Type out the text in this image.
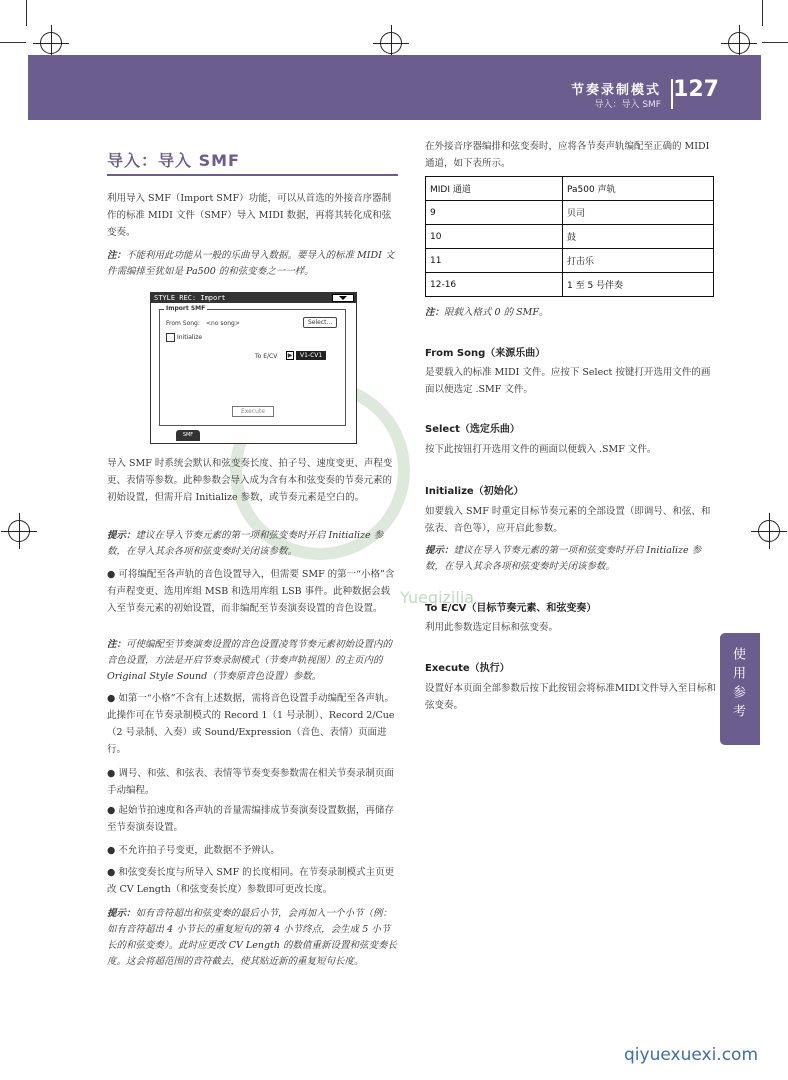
节奏录制模式
导入：导入 SMF
127
Yueqizilia
导入：导入 SMF
利用导入 SMF（Import SMF）功能，可以从首选的外接音序器制作的标准 MIDI 文件（SMF）导入 MIDI 数据，再将其转化成和弦变奏。
注：不能利用此功能从一般的乐曲导入数据。要导入的标准 MIDI 文件需编排至犹如是 Pa500 的和弦变奏之一一样。
STYLE REC: Import
Import SMF
From Song: <no song>	Select...
Initialize
To E/CV ▶	V1-CV1
Execute
SMF
导入 SMF 时系统会默认和弦变奏长度、拍子号、速度变更、声程变更、表情等参数。此种参数会导入成为含有本和弦变奏的节奏元素的初始设置，但需开启 Initialize 参数，或节奏元素是空白的。
提示：建议在导入节奏元素的第一项和弦变奏时开启 Initialize 参数，在导入其余各项和弦变奏时关闭该参数。
● 可将编配至各声轨的音色设置导入，但需要 SMF 的第一“小格”含有声程变更、选用库组 MSB 和选用库组 LSB 事件。此种数据会载入至节奏元素的初始设置，而非编配至节奏演奏设置的音色设置。
注：可使编配至节奏演奏设置的音色设置凌驾节奏元素初始设置内的音色设置，方法是开启节奏录制模式（节奏声轨视图）的主页内的 Original Style Sound（节奏原音色设置）参数。
● 如第一“小格”不含有上述数据，需将音色设置手动编配至各声轨。此操作可在节奏录制模式的 Record 1（1 号录制）、Record 2/Cue（2 号录制、入奏）或 Sound/Expression（音色、表情）页面进行。
● 调号、和弦、和弦表、表情等节奏变奏参数需在相关节奏录制页面手动编程。
● 起始节拍速度和各声轨的音量需编排成节奏演奏设置数据，再储存至节奏演奏设置。
● 不允许拍子号变更，此数据不予辨认。
● 和弦变奏长度与所导入 SMF 的长度相同。在节奏录制模式主页更改 CV Length（和弦变奏长度）参数即可更改长度。
提示：如有音符超出和弦变奏的最后小节，会再加入一个小节（例：如有音符超出 4 小节长的重复短句的第 4 小节终点，会生成 5 小节长的和弦变奏）。此时应更改 CV Length 的数值重新设置和弦变奏长度。这会将超范围的音符截去，使其贴近新的重复短句长度。
在外接音序器编排和弦变奏时，应将各节奏声轨编配至正确的 MIDI 通道，如下表所示。
MIDI 通道	Pa500 声轨
9	贝司
10	鼓
11	打击乐
12-16	1 至 5 号伴奏
注：限载入格式 0 的 SMF。
From Song（来源乐曲）
是要载入的标准 MIDI 文件。应按下 Select 按键打开选用文件的画面以便选定 .SMF 文件。
Select（选定乐曲）
按下此按钮打开选用文件的画面以便载入 .SMF 文件。
Initialize（初始化）
如要载入 SMF 时重定目标节奏元素的全部设置（即调号、和弦、和弦表、音色等），应开启此参数。
提示：建议在导入节奏元素的第一项和弦变奏时开启 Initialize 参数，在导入其余各项和弦变奏时关闭该参数。
To E/CV（目标节奏元素、和弦变奏）
利用此参数选定目标和弦变奏。
Execute（执行）
设置好本页面全部参数后按下此按钮会将标准MIDI文件导入至目标和弦变奏。	使用参考
qiyuexuexi.com
